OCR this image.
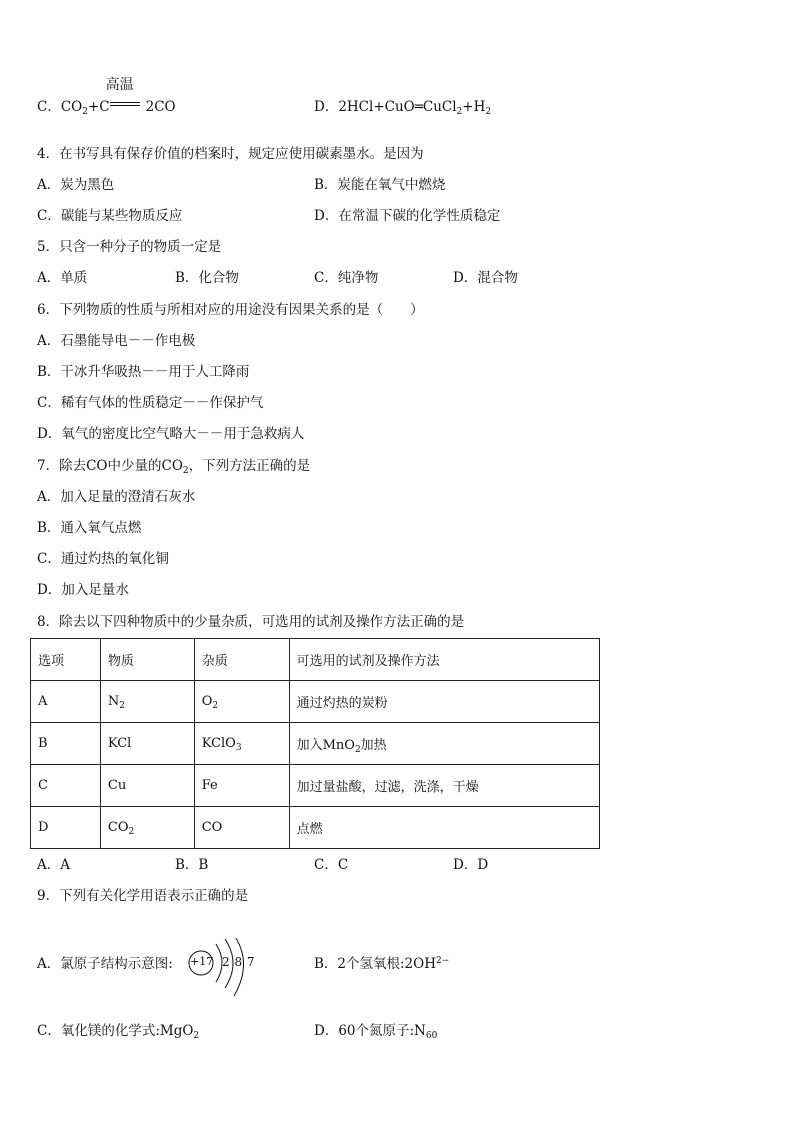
C．$CO_2+C$
高温
2CO	D．$2HCl+CuO═CuCl_2+H_2$
4．在书写具有保存价值的档案时，规定应使用碳素墨水。是因为
A．炭为黑色	B．炭能在氧气中燃烧
C．碳能与某些物质反应	D．在常温下碳的化学性质稳定
5．只含一种分子的物质一定是
A．单质	B．化合物	C．纯净物	D．混合物
6．下列物质的性质与所相对应的用途没有因果关系的是（　　）
A．石墨能导电－－作电极
B．干冰升华吸热－－用于人工降雨
C．稀有气体的性质稳定－－作保护气
D．氧气的密度比空气略大－－用于急救病人
7．除去CO中少量的$CO_2$，下列方法正确的是
A．加入足量的澄清石灰水
B．通入氧气点燃
C．通过灼热的氧化铜
D．加入足量水
8．除去以下四种物质中的少量杂质，可选用的试剂及操作方法正确的是
选项	物质	杂质	可选用的试剂及操作方法
A	$N_2$	$O_2$	通过灼热的炭粉
B	KCl	KClO$_3$	加入MnO$_2$加热
C	Cu	Fe	加过量盐酸，过滤，洗涤，干燥
D	$CO_2$	CO	点燃
A．A	B．B	C．C	D．D
9．下列有关化学用语表示正确的是
A．氯原子结构示意图: +17 2 8 7	B．2个氢氧根$:2OH^{2-}$
C．氧化镁的化学式:MgO$_2$	D．60个氮原子$:N_{60}$
